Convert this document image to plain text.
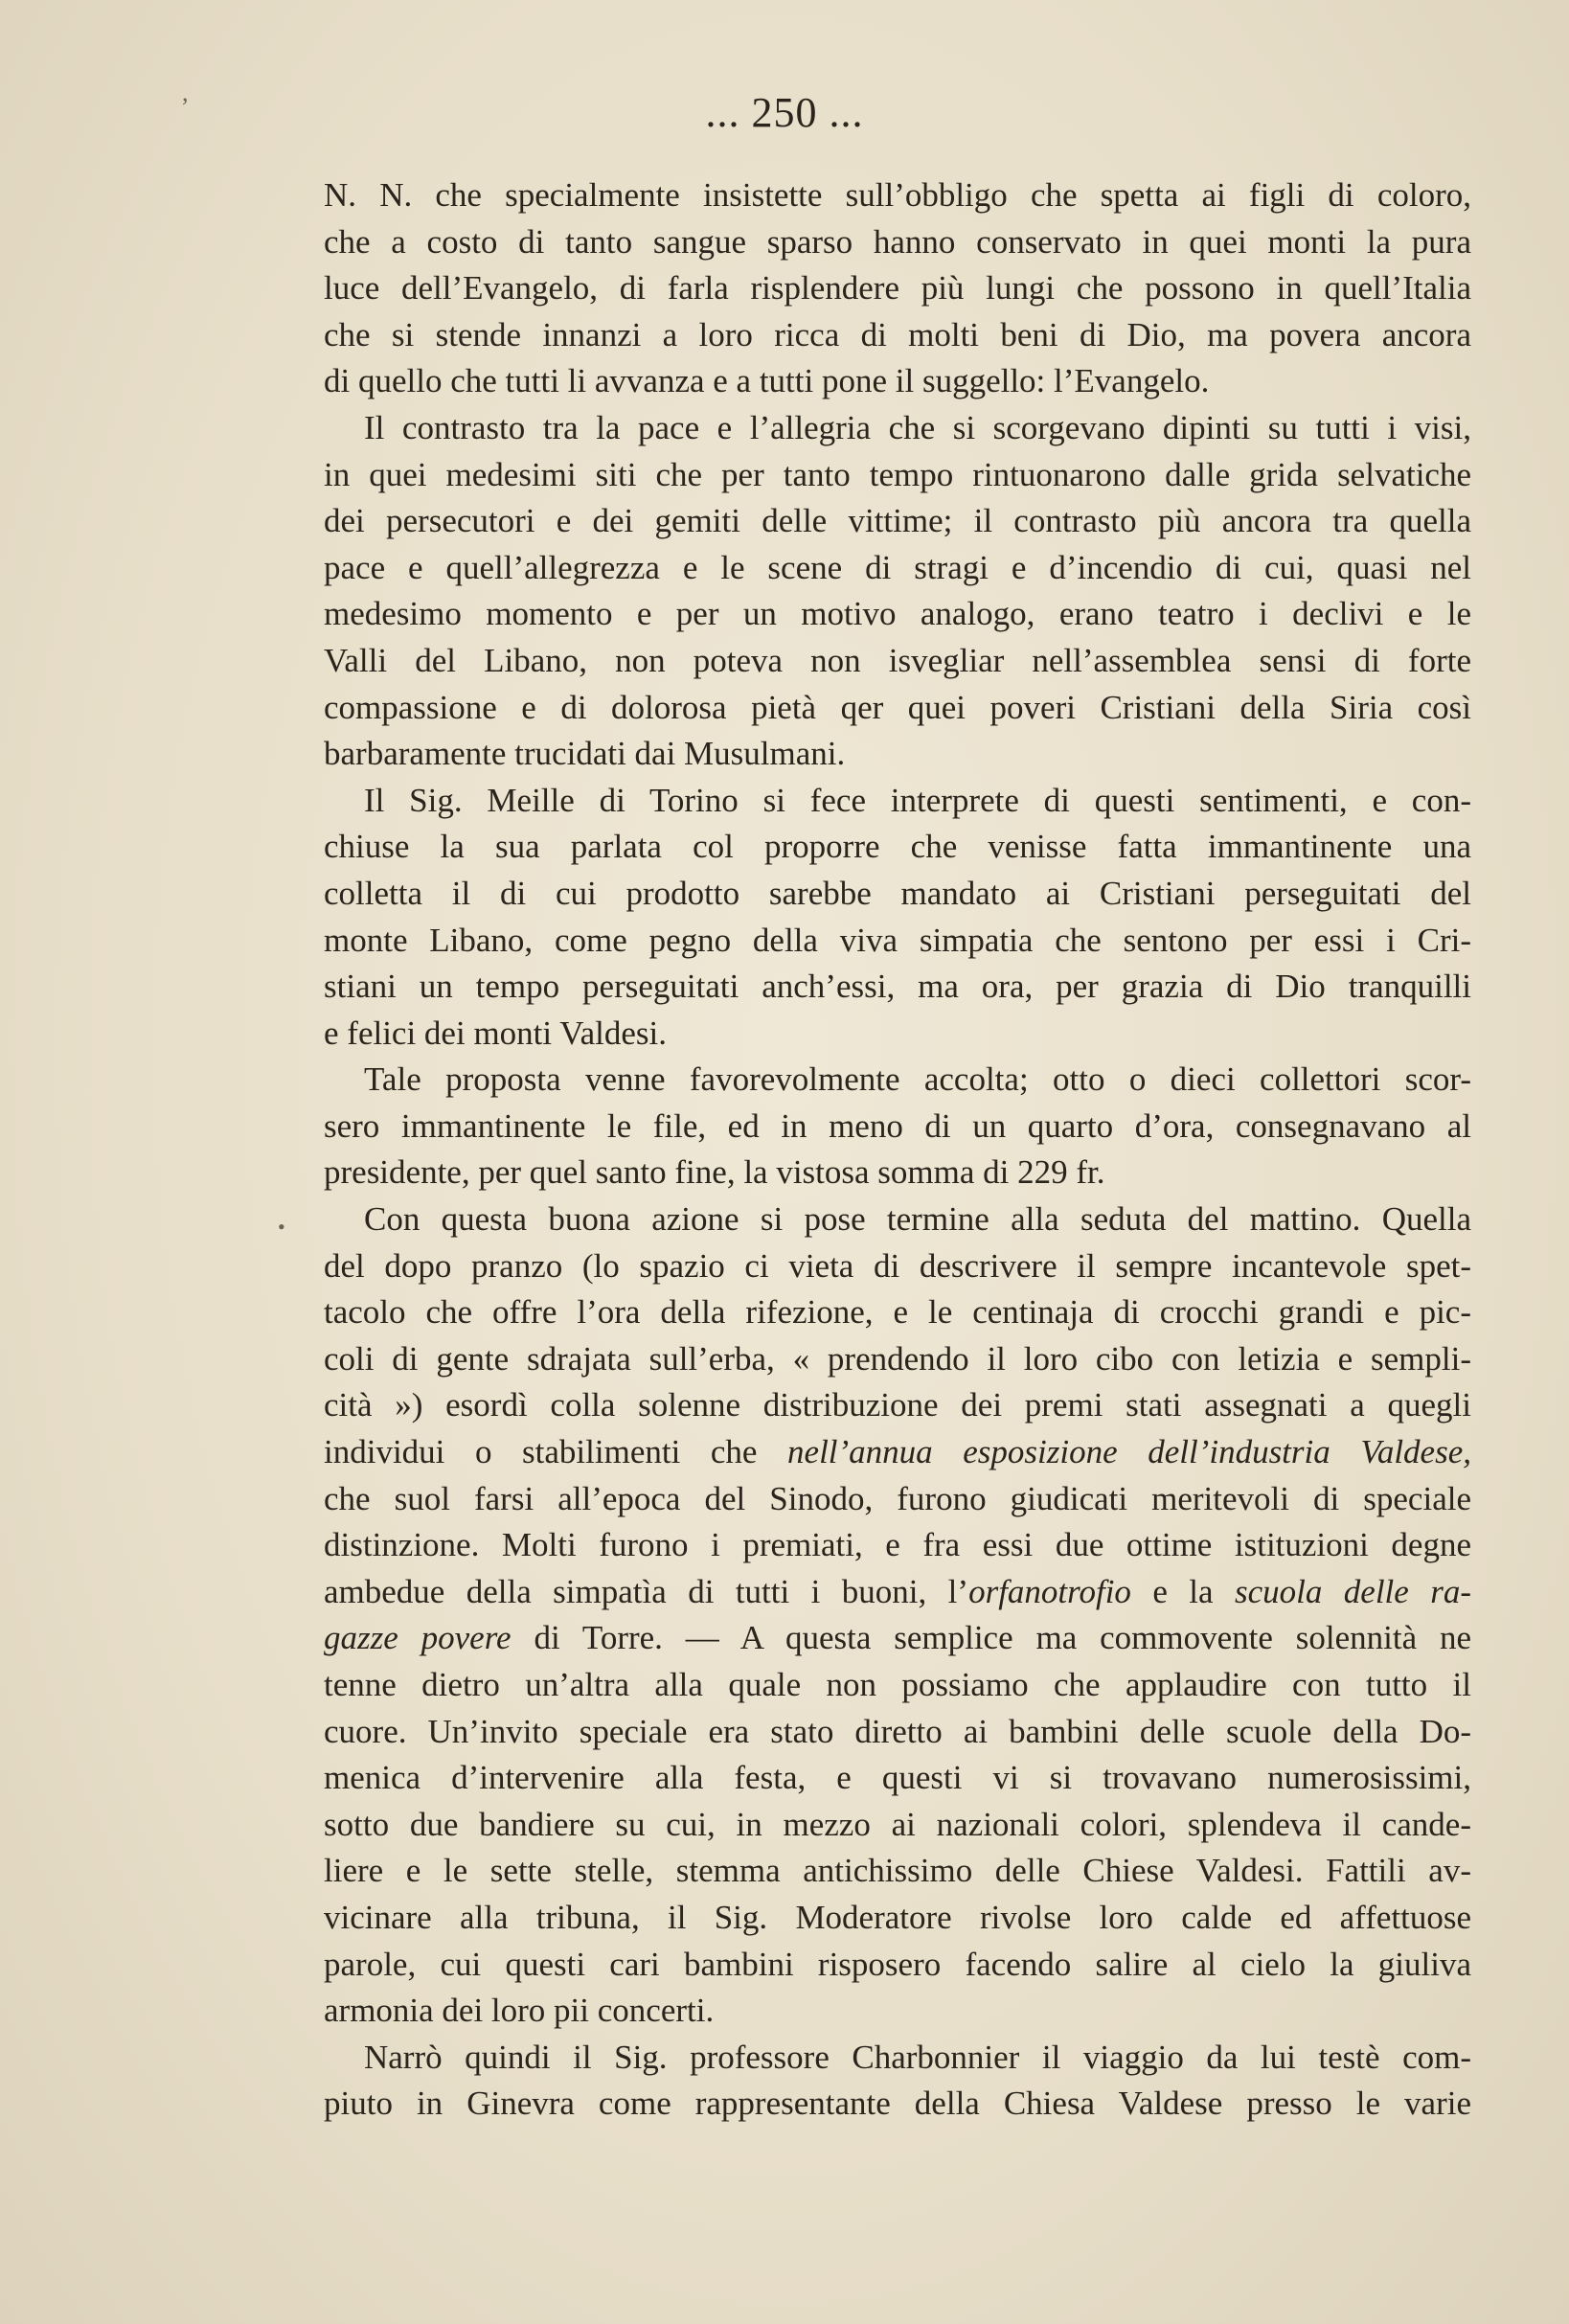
... 250 ...
N. N. che specialmente insistette sull’obbligo che spetta ai figli di coloro,
che a costo di tanto sangue sparso hanno conservato in quei monti la pura
luce dell’Evangelo, di farla risplendere più lungi che possono in quell’Italia
che si stende innanzi a loro ricca di molti beni di Dio, ma povera ancora
di quello che tutti li avvanza e a tutti pone il suggello: l’Evangelo.
Il contrasto tra la pace e l’allegria che si scorgevano dipinti su tutti i visi,
in quei medesimi siti che per tanto tempo rintuonarono dalle grida selvatiche
dei persecutori e dei gemiti delle vittime; il contrasto più ancora tra quella
pace e quell’allegrezza e le scene di stragi e d’incendio di cui, quasi nel
medesimo momento e per un motivo analogo, erano teatro i declivi e le
Valli del Libano, non poteva non isvegliar nell’assemblea sensi di forte
compassione e di dolorosa pietà qer quei poveri Cristiani della Siria così
barbaramente trucidati dai Musulmani.
Il Sig. Meille di Torino si fece interprete di questi sentimenti, e con-
chiuse la sua parlata col proporre che venisse fatta immantinente una
colletta il di cui prodotto sarebbe mandato ai Cristiani perseguitati del
monte Libano, come pegno della viva simpatia che sentono per essi i Cri-
stiani un tempo perseguitati anch’essi, ma ora, per grazia di Dio tranquilli
e felici dei monti Valdesi.
Tale proposta venne favorevolmente accolta; otto o dieci collettori scor-
sero immantinente le file, ed in meno di un quarto d’ora, consegnavano al
presidente, per quel santo fine, la vistosa somma di 229 fr.
Con questa buona azione si pose termine alla seduta del mattino. Quella
del dopo pranzo (lo spazio ci vieta di descrivere il sempre incantevole spet-
tacolo che offre l’ora della rifezione, e le centinaja di crocchi grandi e pic-
coli di gente sdrajata sull’erba, « prendendo il loro cibo con letizia e sempli-
cità ») esordì colla solenne distribuzione dei premi stati assegnati a quegli
individui o stabilimenti che nell’annua esposizione dell’industria Valdese,
che suol farsi all’epoca del Sinodo, furono giudicati meritevoli di speciale
distinzione. Molti furono i premiati, e fra essi due ottime istituzioni degne
ambedue della simpatìa di tutti i buoni, l’orfanotrofio e la scuola delle ra-
gazze povere di Torre. — A questa semplice ma commovente solennità ne
tenne dietro un’altra alla quale non possiamo che applaudire con tutto il
cuore. Un’invito speciale era stato diretto ai bambini delle scuole della Do-
menica d’intervenire alla festa, e questi vi si trovavano numerosissimi,
sotto due bandiere su cui, in mezzo ai nazionali colori, splendeva il cande-
liere e le sette stelle, stemma antichissimo delle Chiese Valdesi. Fattili av-
vicinare alla tribuna, il Sig. Moderatore rivolse loro calde ed affettuose
parole, cui questi cari bambini risposero facendo salire al cielo la giuliva
armonia dei loro pii concerti.
Narrò quindi il Sig. professore Charbonnier il viaggio da lui testè com-
piuto in Ginevra come rappresentante della Chiesa Valdese presso le varie
,
•
